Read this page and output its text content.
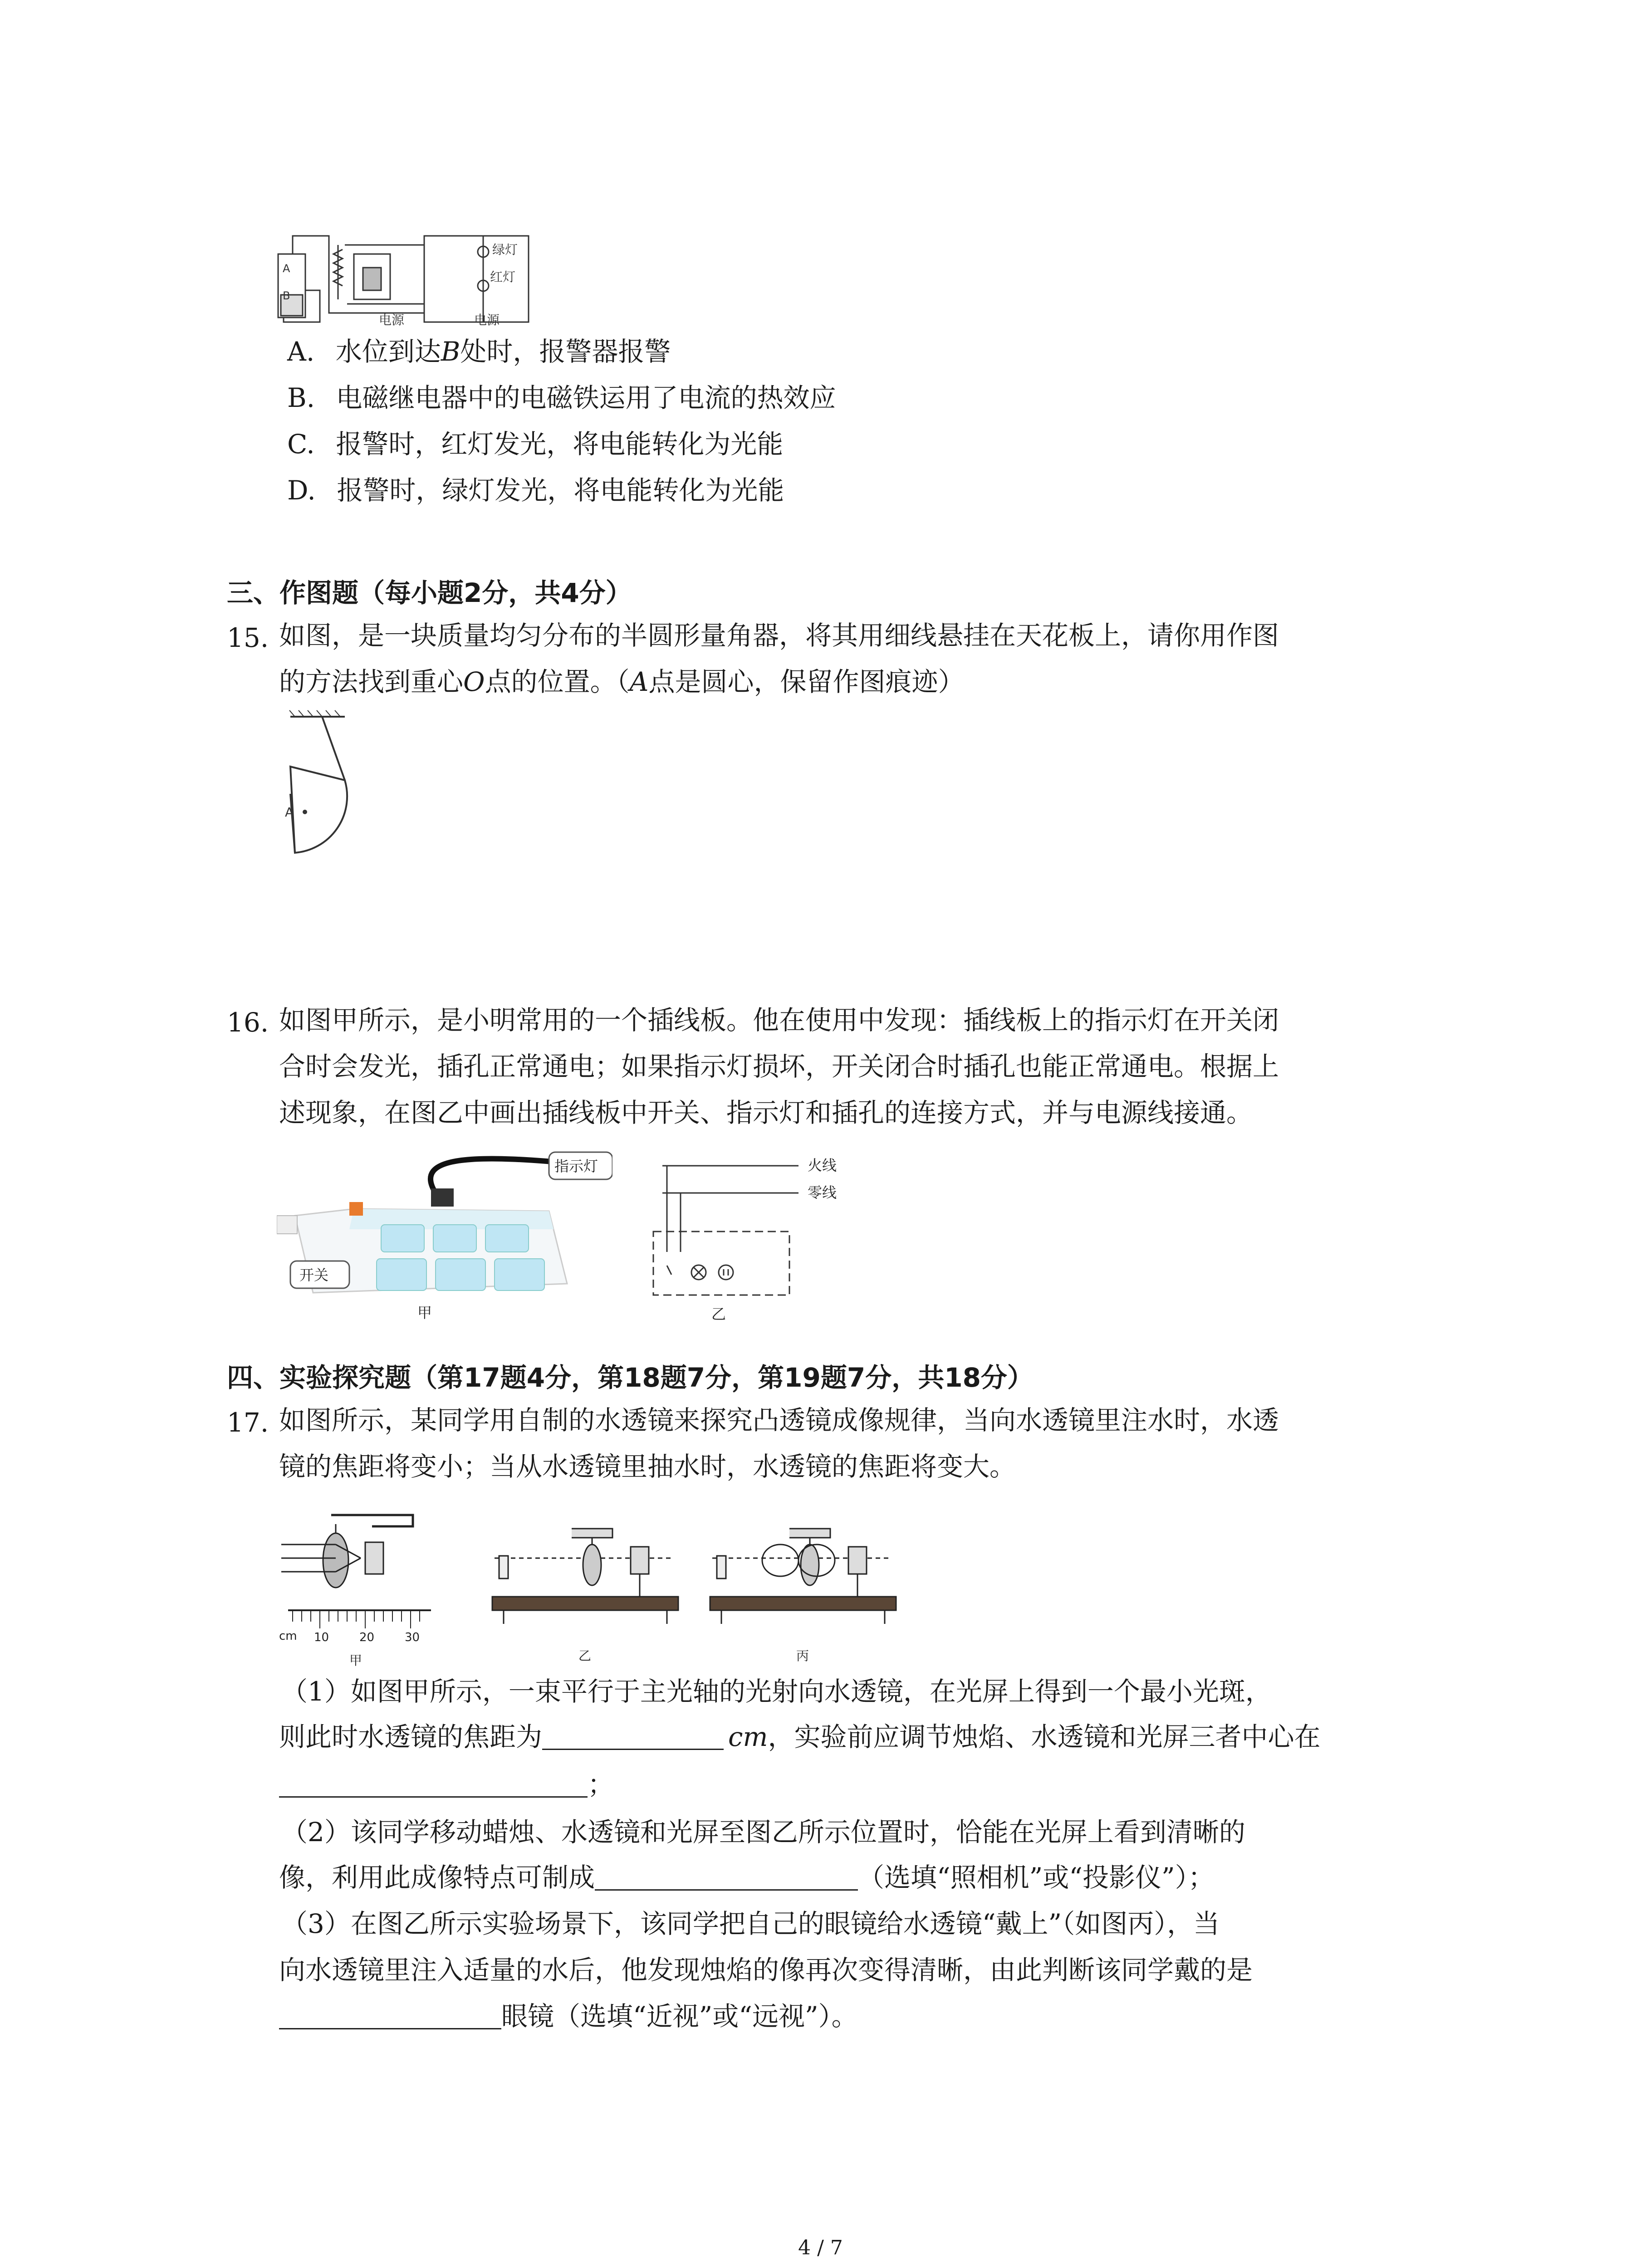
电源	电源
绿灯
红灯
A
B
A. 水位到达B处时，报警器报警
B. 电磁继电器中的电磁铁运用了电流的热效应
C. 报警时，红灯发光，将电能转化为光能
D. 报警时，绿灯发光，将电能转化为光能
三、作图题（每小题2分，共4分）
15. 如图，是一块质量均匀分布的半圆形量角器，将其用细线悬挂在天花板上，请你用作图
的方法找到重心O点的位置。（A点是圆心，保留作图痕迹）
A
16. 如图甲所示，是小明常用的一个插线板。他在使用中发现：插线板上的指示灯在开关闭
合时会发光，插孔正常通电；如果指示灯损坏，开关闭合时插孔也能正常通电。根据上
述现象，在图乙中画出插线板中开关、指示灯和插孔的连接方式，并与电源线接通。
指示灯
开关
甲
火线
零线
乙
四、实验探究题（第17题4分，第18题7分，第19题7分，共18分）
17. 如图所示，某同学用自制的水透镜来探究凸透镜成像规律，当向水透镜里注水时，水透
镜的焦距将变小；当从水透镜里抽水时，水透镜的焦距将变大。
cm 10	20	30
甲	乙	丙
（1）如图甲所示，一束平行于主光轴的光射向水透镜，在光屏上得到一个最小光斑，
则此时水透镜的焦距为	cm，实验前应调节烛焰、水透镜和光屏三者中心在
；
（2）该同学移动蜡烛、水透镜和光屏至图乙所示位置时，恰能在光屏上看到清晰的
像，利用此成像特点可制成	（选填“照相机”或“投影仪”）；
（3）在图乙所示实验场景下，该同学把自己的眼镜给水透镜“戴上”（如图丙），当
向水透镜里注入适量的水后，他发现烛焰的像再次变得清晰，由此判断该同学戴的是
眼镜（选填“近视”或“远视”）。
4 / 7
